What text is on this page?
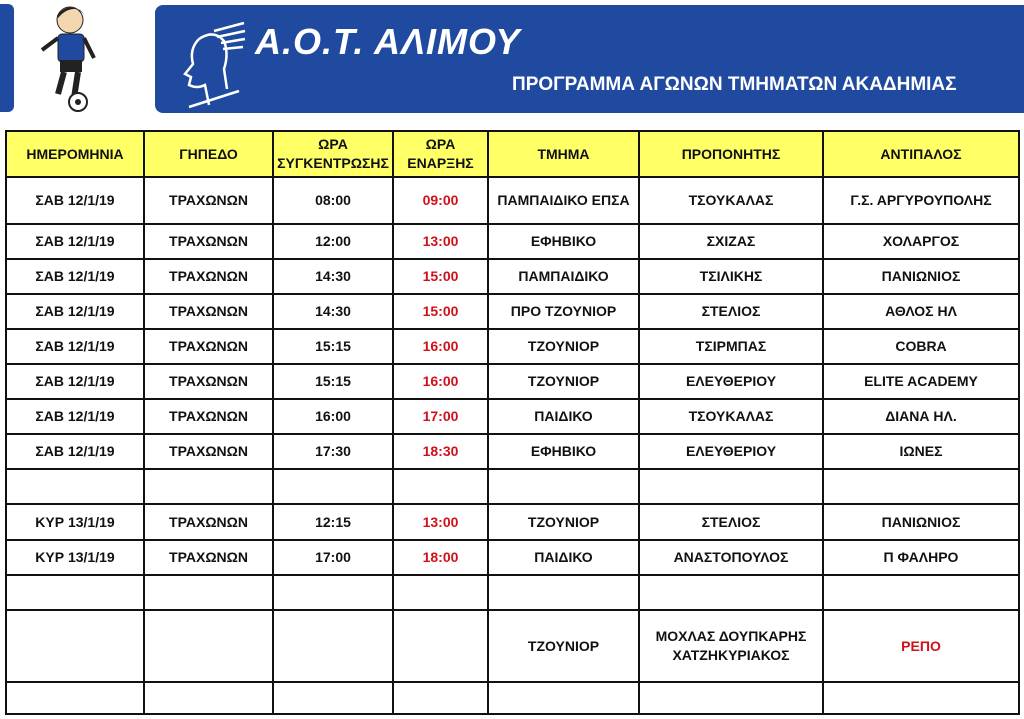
Α.Ο.Τ. ΑΛΙΜΟΥ
ΠΡΟΓΡΑΜΜΑ ΑΓΩΝΩΝ ΤΜΗΜΑΤΩΝ ΑΚΑΔΗΜΙΑΣ
ΗΜΕΡΟΜΗΝΙΑ	ΓΗΠΕΔΟ	ΩΡΑ ΣΥΓΚΕΝΤΡΩΣΗΣ	ΩΡΑ ΕΝΑΡΞΗΣ	ΤΜΗΜΑ	ΠΡΟΠΟΝΗΤΗΣ	ΑΝΤΙΠΑΛΟΣ
ΣΑΒ 12/1/19	ΤΡΑΧΩΝΩΝ	08:00	09:00	ΠΑΜΠΑΙΔΙΚΟ ΕΠΣΑ	ΤΣΟΥΚΑΛΑΣ	Γ.Σ. ΑΡΓΥΡΟΥΠΟΛΗΣ
ΣΑΒ 12/1/19	ΤΡΑΧΩΝΩΝ	12:00	13:00	ΕΦΗΒΙΚΟ	ΣΧΙΖΑΣ	ΧΟΛΑΡΓΟΣ
ΣΑΒ 12/1/19	ΤΡΑΧΩΝΩΝ	14:30	15:00	ΠΑΜΠΑΙΔΙΚΟ	ΤΣΙΛΙΚΗΣ	ΠΑΝΙΩΝΙΟΣ
ΣΑΒ 12/1/19	ΤΡΑΧΩΝΩΝ	14:30	15:00	ΠΡΟ ΤΖΟΥΝΙΟΡ	ΣΤΕΛΙΟΣ	ΑΘΛΟΣ ΗΛ
ΣΑΒ 12/1/19	ΤΡΑΧΩΝΩΝ	15:15	16:00	ΤΖΟΥΝΙΟΡ	ΤΣΙΡΜΠΑΣ	COBRA
ΣΑΒ 12/1/19	ΤΡΑΧΩΝΩΝ	15:15	16:00	ΤΖΟΥΝΙΟΡ	ΕΛΕΥΘΕΡΙΟΥ	ELITE ACADEMY
ΣΑΒ 12/1/19	ΤΡΑΧΩΝΩΝ	16:00	17:00	ΠΑΙΔΙΚΟ	ΤΣΟΥΚΑΛΑΣ	ΔΙΑΝΑ ΗΛ.
ΣΑΒ 12/1/19	ΤΡΑΧΩΝΩΝ	17:30	18:30	ΕΦΗΒΙΚΟ	ΕΛΕΥΘΕΡΙΟΥ	ΙΩΝΕΣ

ΚΥΡ 13/1/19	ΤΡΑΧΩΝΩΝ	12:15	13:00	ΤΖΟΥΝΙΟΡ	ΣΤΕΛΙΟΣ	ΠΑΝΙΩΝΙΟΣ
ΚΥΡ 13/1/19	ΤΡΑΧΩΝΩΝ	17:00	18:00	ΠΑΙΔΙΚΟ	ΑΝΑΣΤΟΠΟΥΛΟΣ	Π ΦΑΛΗΡΟ

				ΤΖΟΥΝΙΟΡ	ΜΟΧΛΑΣ ΔΟΥΠΚΑΡΗΣ ΧΑΤΖΗΚΥΡΙΑΚΟΣ	ΡΕΠΟ
